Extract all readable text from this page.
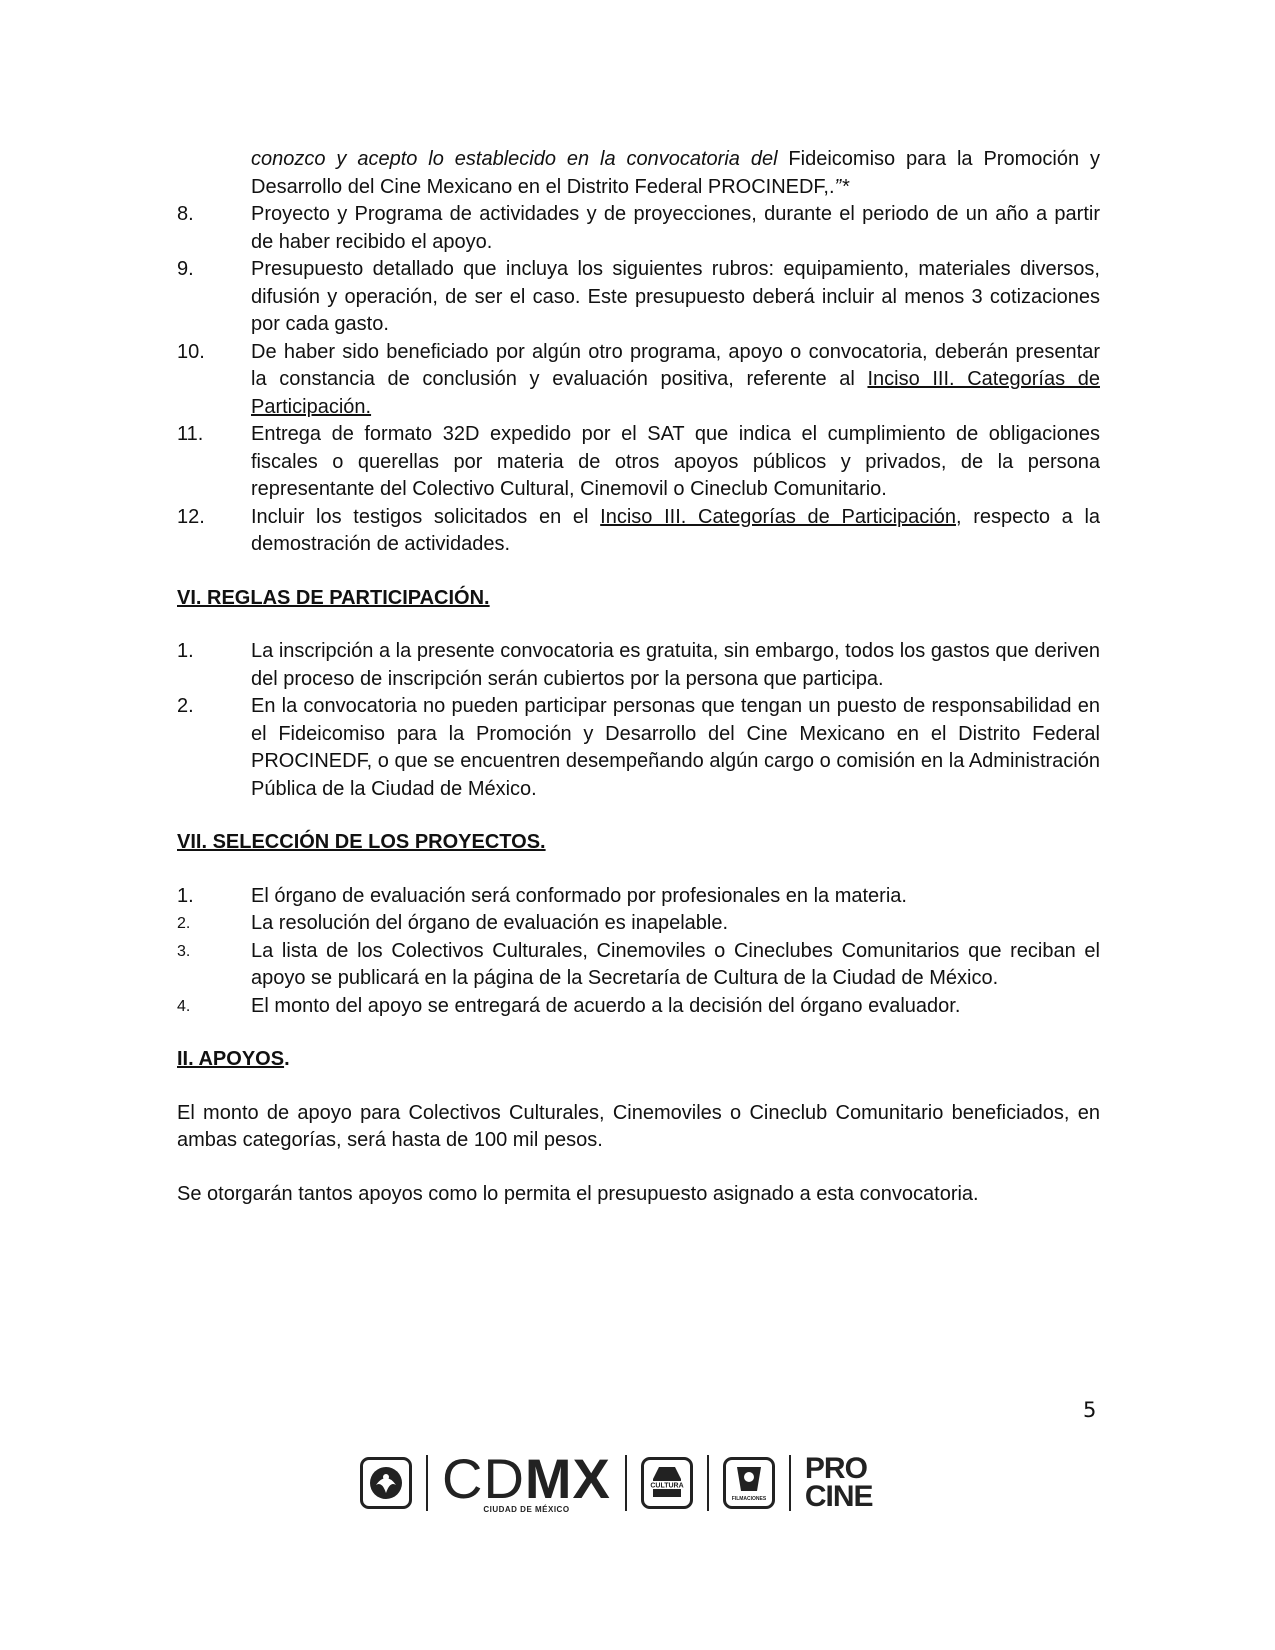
conozco y acepto lo establecido en la convocatoria del Fideicomiso para la Promoción y Desarrollo del Cine Mexicano en el Distrito Federal PROCINEDF,.”*
8.	Proyecto y Programa de actividades y de proyecciones, durante el periodo de un año a partir de haber recibido el apoyo.
9.	Presupuesto detallado que incluya los siguientes rubros: equipamiento, materiales diversos, difusión y operación, de ser el caso. Este presupuesto deberá incluir al menos 3 cotizaciones por cada gasto.
10.	De haber sido beneficiado por algún otro programa, apoyo o convocatoria, deberán presentar la constancia de conclusión y evaluación positiva, referente al Inciso III. Categorías de Participación.
11.	Entrega de formato 32D expedido por el SAT que indica el cumplimiento de obligaciones fiscales o querellas por materia de otros apoyos públicos y privados, de la persona representante del Colectivo Cultural, Cinemovil o Cineclub Comunitario.
12.	Incluir los testigos solicitados en el Inciso III. Categorías de Participación, respecto a la demostración de actividades.
VI. REGLAS DE PARTICIPACIÓN.
1.	La inscripción a la presente convocatoria es gratuita, sin embargo, todos los gastos que deriven del proceso de inscripción serán cubiertos por la persona que participa.
2.	En la convocatoria no pueden participar personas que tengan un puesto de responsabilidad en el Fideicomiso para la Promoción y Desarrollo del Cine Mexicano en el Distrito Federal PROCINEDF, o que se encuentren desempeñando algún cargo o comisión en la Administración Pública de la Ciudad de México.
VII. SELECCIÓN DE LOS PROYECTOS.
1.	El órgano de evaluación será conformado por profesionales en la materia.
2.	La resolución del órgano de evaluación es inapelable.
3.	La lista de los Colectivos Culturales, Cinemoviles o Cineclubes Comunitarios que reciban el apoyo se publicará en la página de la Secretaría de Cultura de la Ciudad de México.
4.	El monto del apoyo se entregará de acuerdo a la decisión del órgano evaluador.
II. APOYOS.
El monto de apoyo para Colectivos Culturales, Cinemoviles o Cineclub Comunitario beneficiados, en ambas categorías, será hasta de 100 mil pesos.
Se otorgarán tantos apoyos como lo permita el presupuesto asignado a esta convocatoria.
5
CDMX
CIUDAD DE MÉXICO
CULTURA
FILMACIONES
PRO
CINE
